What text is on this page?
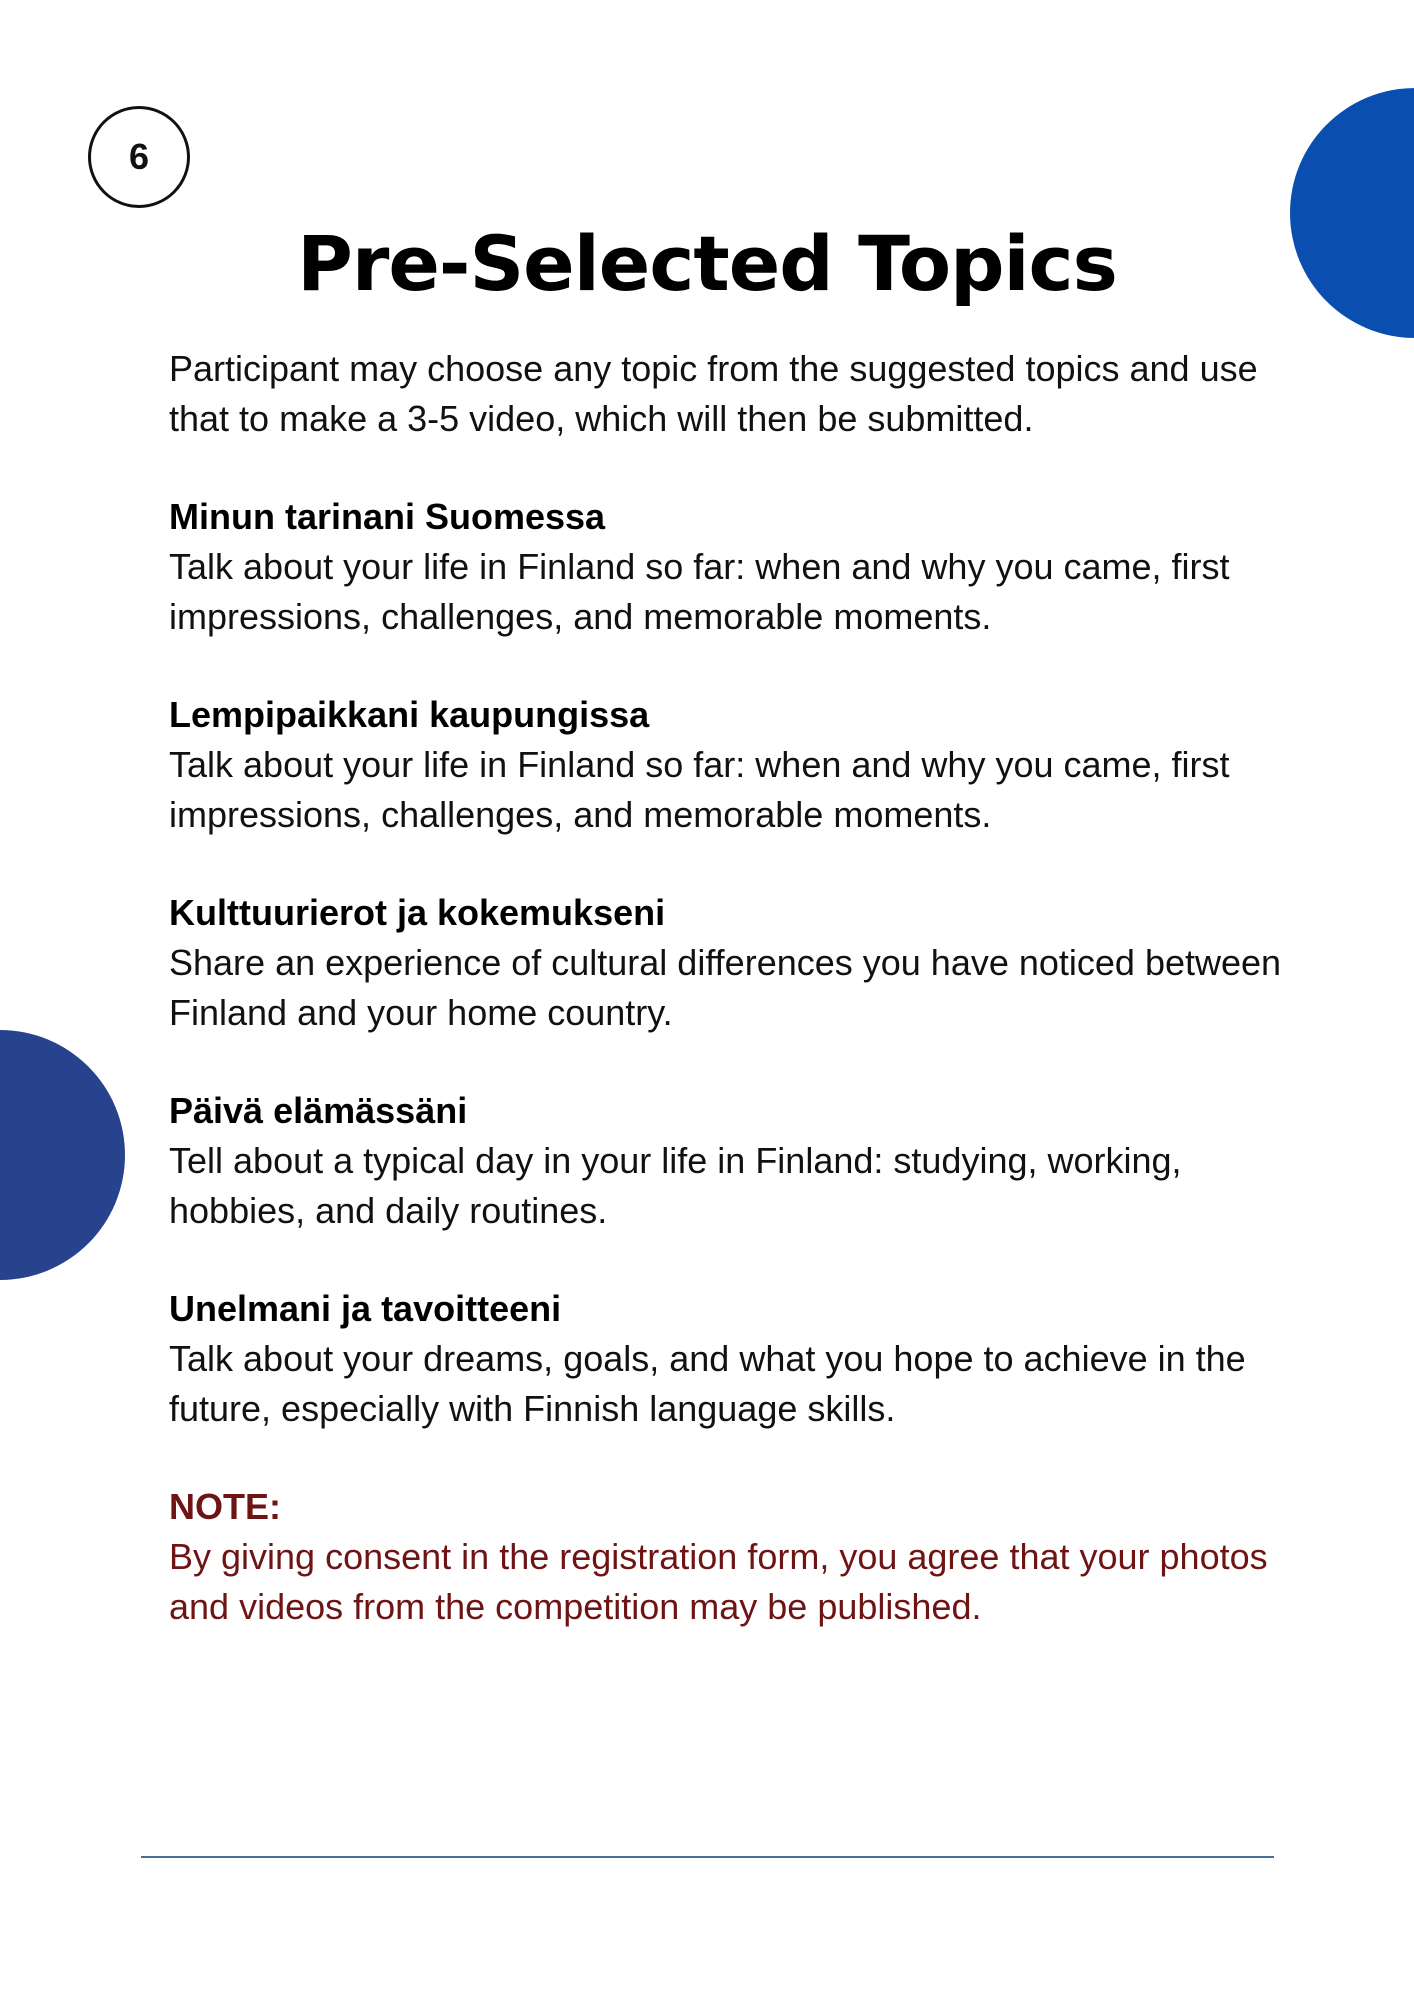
6
Pre-Selected Topics

Participant may choose any topic from the suggested topics and use that to make a 3-5 video, which will then be submitted.

Minun tarinani Suomessa
Talk about your life in Finland so far: when and why you came, first impressions, challenges, and memorable moments.
Lempipaikkani kaupungissa
Talk about your life in Finland so far: when and why you came, first impressions, challenges, and memorable moments.
Kulttuurierot ja kokemukseni
Share an experience of cultural differences you have noticed between Finland and your home country.
Päivä elämässäni
Tell about a typical day in your life in Finland: studying, working, hobbies, and daily routines.
Unelmani ja tavoitteeni
Talk about your dreams, goals, and what you hope to achieve in the future, especially with Finnish language skills.
NOTE:
By giving consent in the registration form, you agree that your photos and videos from the competition may be published.
